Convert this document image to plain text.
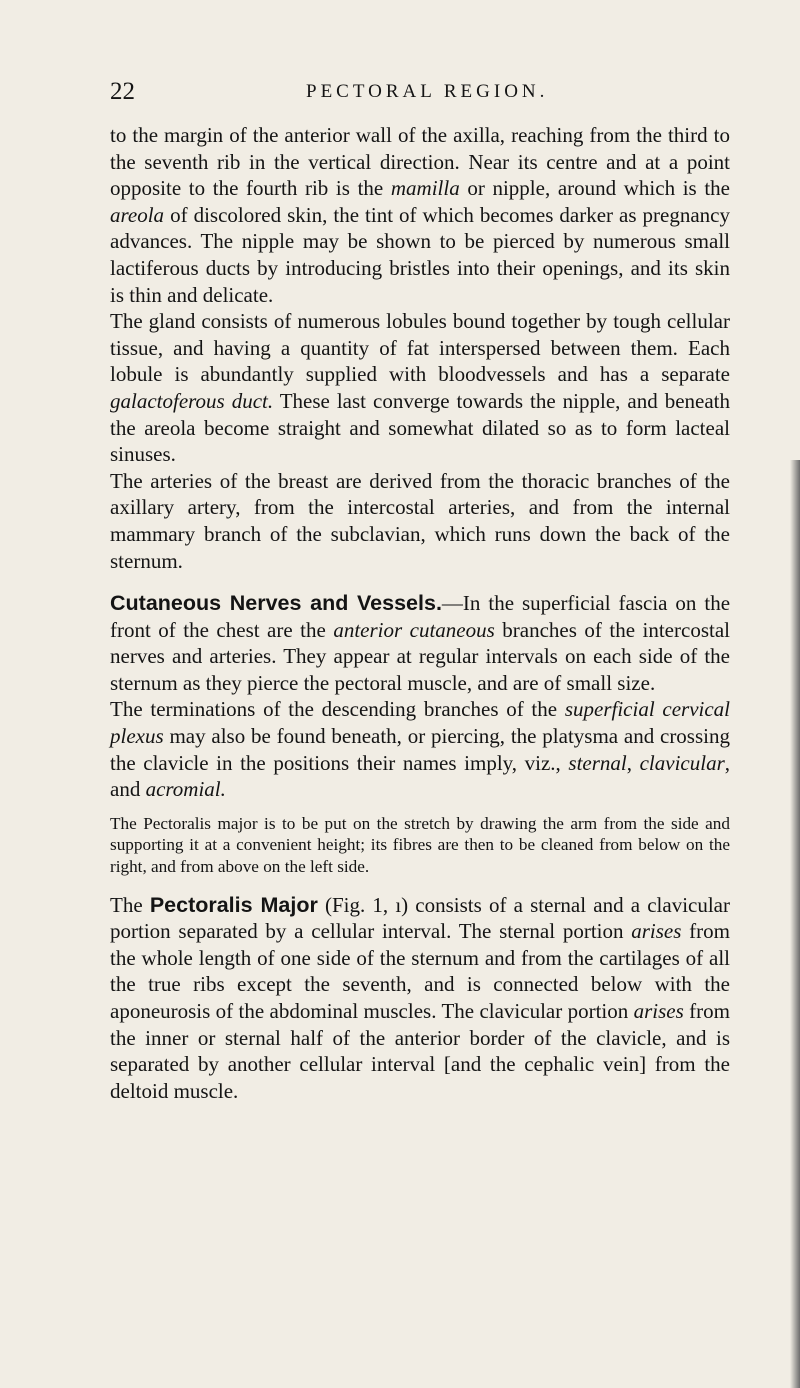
22	PECTORAL REGION.

to the margin of the anterior wall of the axilla, reaching from the third to the seventh rib in the vertical direction. Near its centre and at a point opposite to the fourth rib is the mamilla or nipple, around which is the areola of discolored skin, the tint of which becomes darker as pregnancy advances. The nipple may be shown to be pierced by numerous small lactiferous ducts by introducing bristles into their openings, and its skin is thin and delicate.

The gland consists of numerous lobules bound together by tough cellular tissue, and having a quantity of fat interspersed between them. Each lobule is abundantly supplied with bloodvessels and has a separate galactoferous duct. These last converge towards the nipple, and beneath the areola become straight and somewhat dilated so as to form lacteal sinuses.

The arteries of the breast are derived from the thoracic branches of the axillary artery, from the intercostal arteries, and from the internal mammary branch of the subclavian, which runs down the back of the sternum.

Cutaneous Nerves and Vessels.—In the superficial fascia on the front of the chest are the anterior cutaneous branches of the intercostal nerves and arteries. They appear at regular intervals on each side of the sternum as they pierce the pectoral muscle, and are of small size.

The terminations of the descending branches of the superficial cervical plexus may also be found beneath, or piercing, the platysma and crossing the clavicle in the positions their names imply, viz., sternal, clavicular, and acromial.

The Pectoralis major is to be put on the stretch by drawing the arm from the side and supporting it at a convenient height; its fibres are then to be cleaned from below on the right, and from above on the left side.

The Pectoralis Major (Fig. 1, ı) consists of a sternal and a clavicular portion separated by a cellular interval. The sternal portion arises from the whole length of one side of the sternum and from the cartilages of all the true ribs except the seventh, and is connected below with the aponeurosis of the abdominal muscles. The clavicular portion arises from the inner or sternal half of the anterior border of the clavicle, and is separated by another cellular interval [and the cephalic vein] from the deltoid muscle.
